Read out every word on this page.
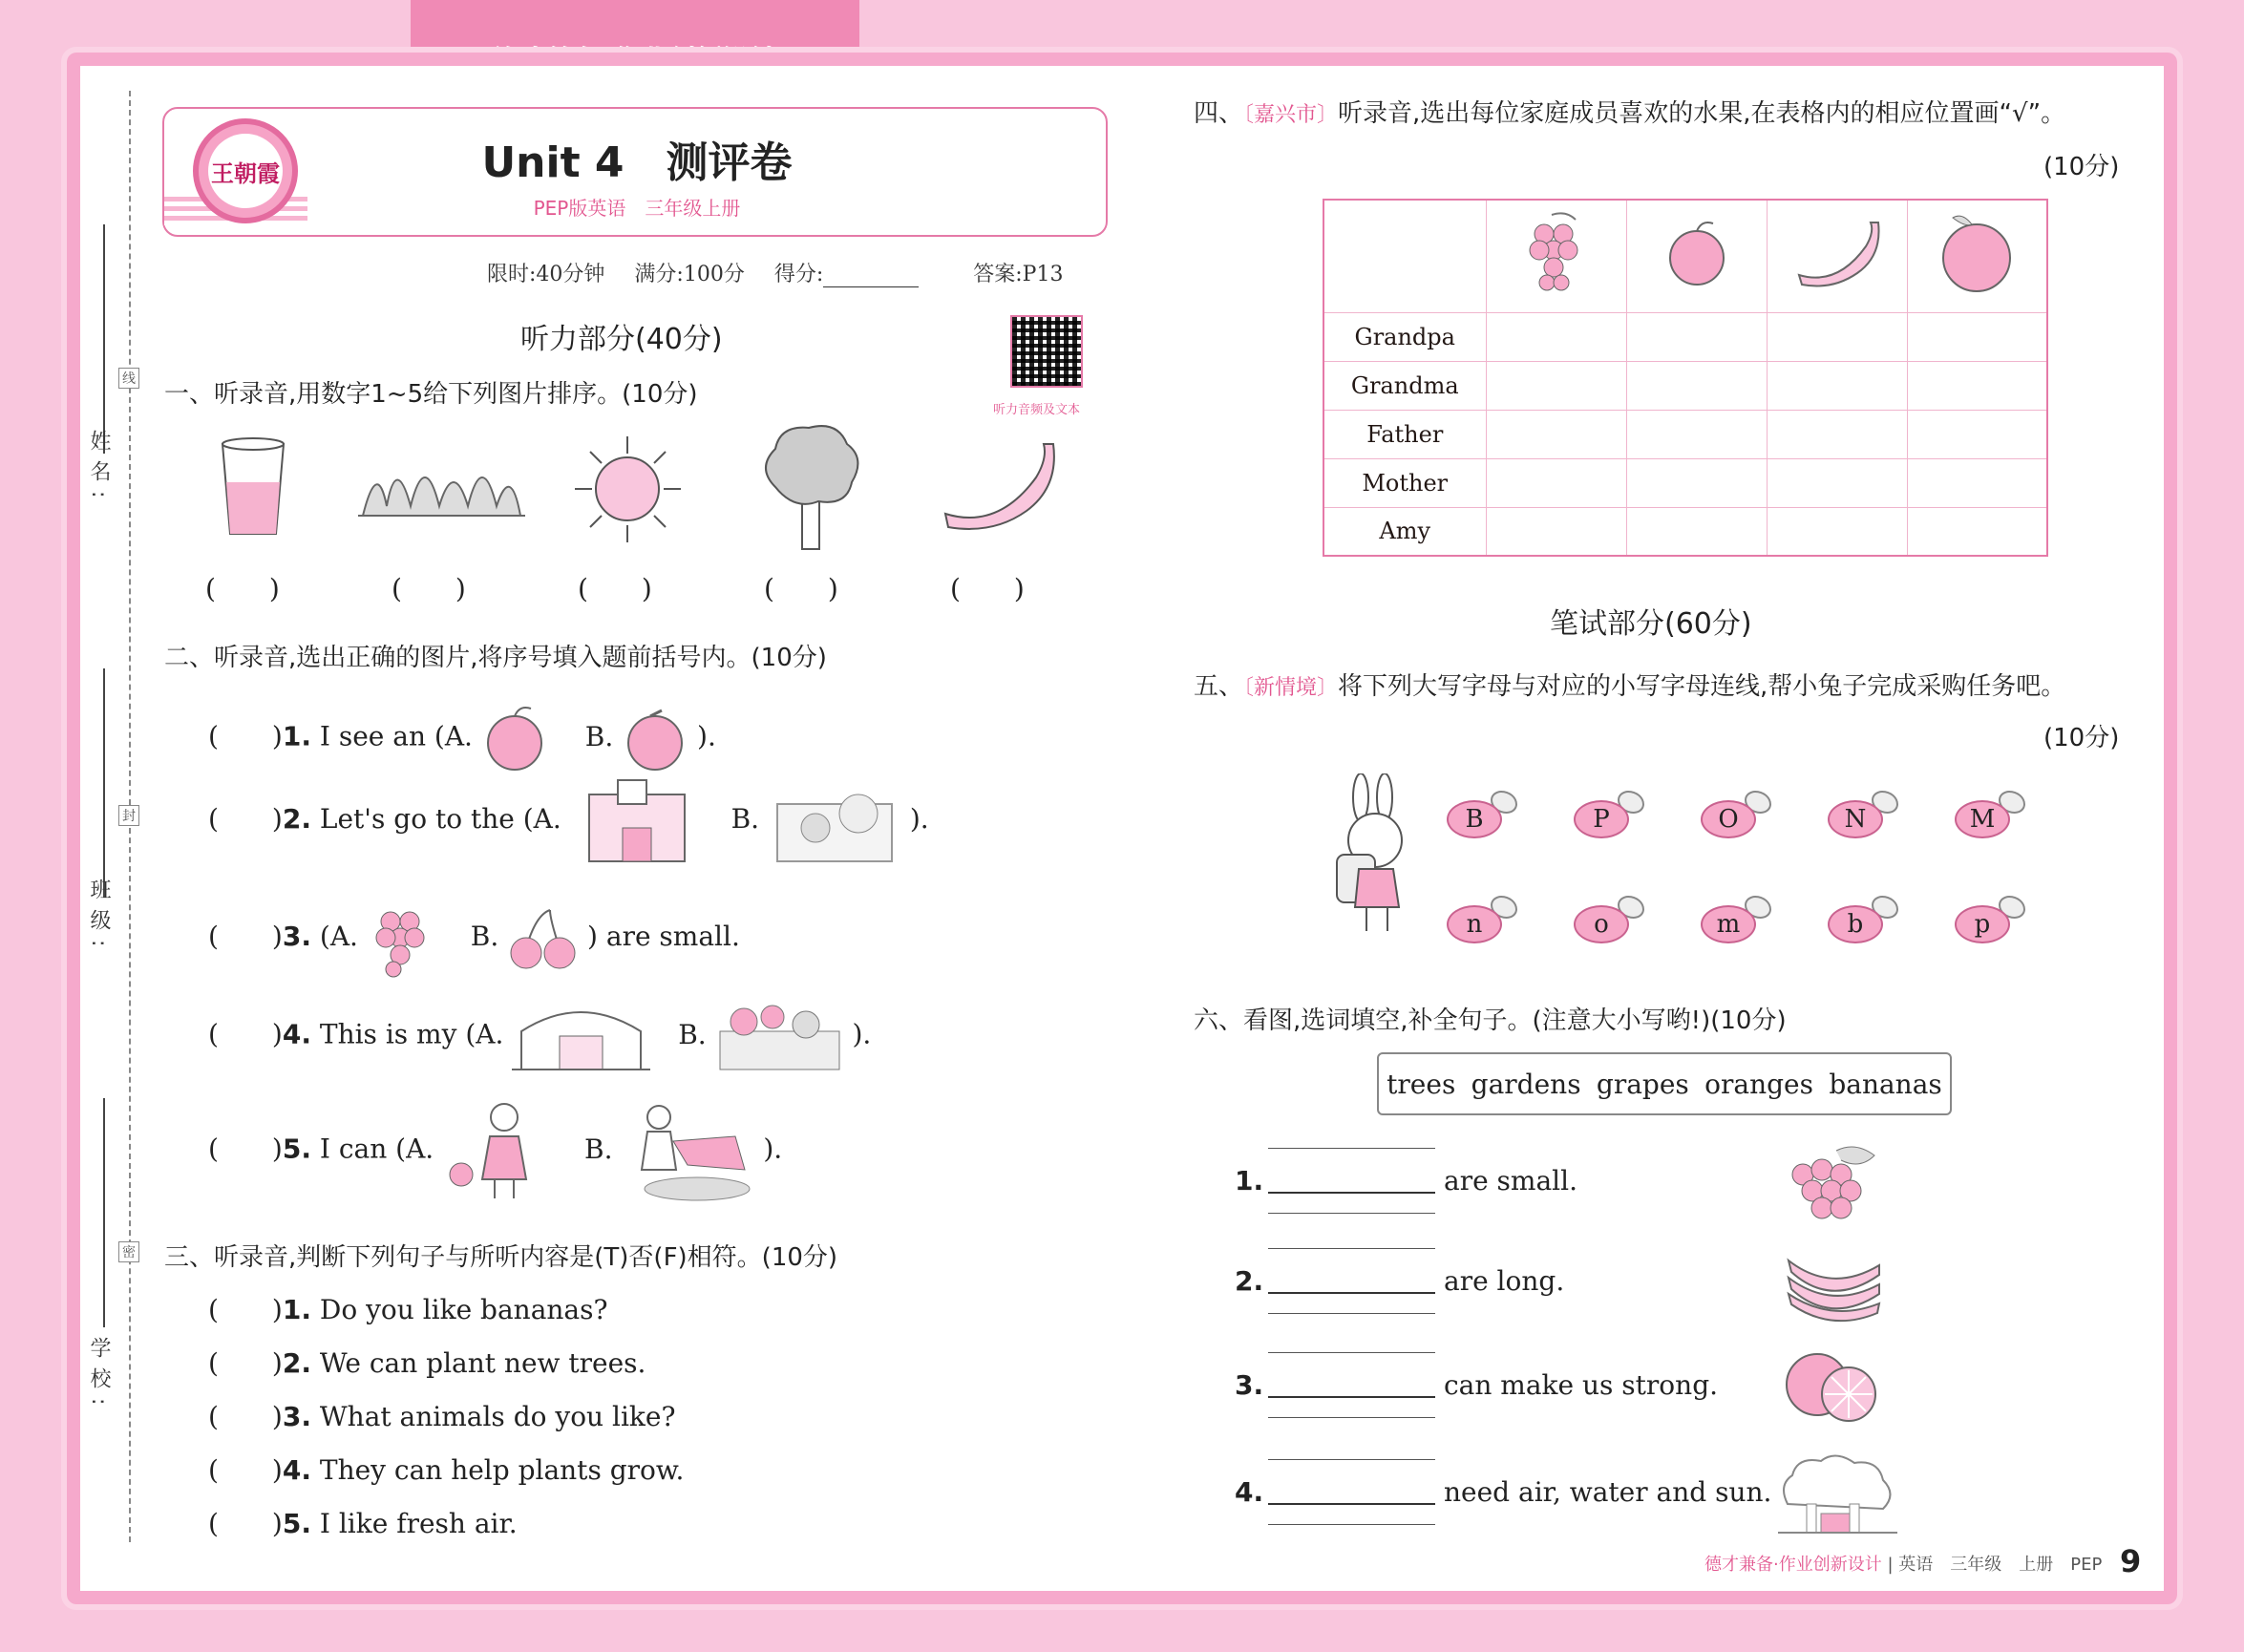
姓名:
线
班级:
封
学校:
密
王朝霞	Unit 4　测评卷
PEP版英语　三年级上册
限时:40分钟 满分:100分 得分:	答案:P13
听力部分(40分)
听力音频及文本
一、听录音,用数字1~5给下列图片排序。(10分)
(　　)	(　　)	(　　)	(　　)	(　　)
二、听录音,选出正确的图片,将序号填入题前括号内。(10分)
(　　)1. I see an (A.	B.	).
(　　)2. Let's go to the (A.	B.	).
(　　)3. (A.	B.	) are small.
(　　)4. This is my (A.	B.	).
(　　)5. I can (A.	B.	).
三、听录音,判断下列句子与所听内容是(T)否(F)相符。(10分)
(　　)1. Do you like bananas?
(　　)2. We can plant new trees.
(　　)3. What animals do you like?
(　　)4. They can help plants grow.
(　　)5. I like fresh air.
四、〔嘉兴市〕听录音,选出每位家庭成员喜欢的水果,在表格内的相应位置画“√”。
(10分)

Grandpa				
Grandma				
Father				
Mother				
Amy				
笔试部分(60分)
五、〔新情境〕将下列大写字母与对应的小写字母连线,帮小兔子完成采购任务吧。
(10分)
B	P	O	N	M
n	o	m	b	p
六、看图,选词填空,补全句子。(注意大小写哟!)(10分)
trees gardens grapes oranges bananas
1.	are small.
2.	are long.
3.	can make us strong.
4.	need air, water and sun.
德才兼备·作业创新设计 | 英语　三年级　上册　PEP 9
